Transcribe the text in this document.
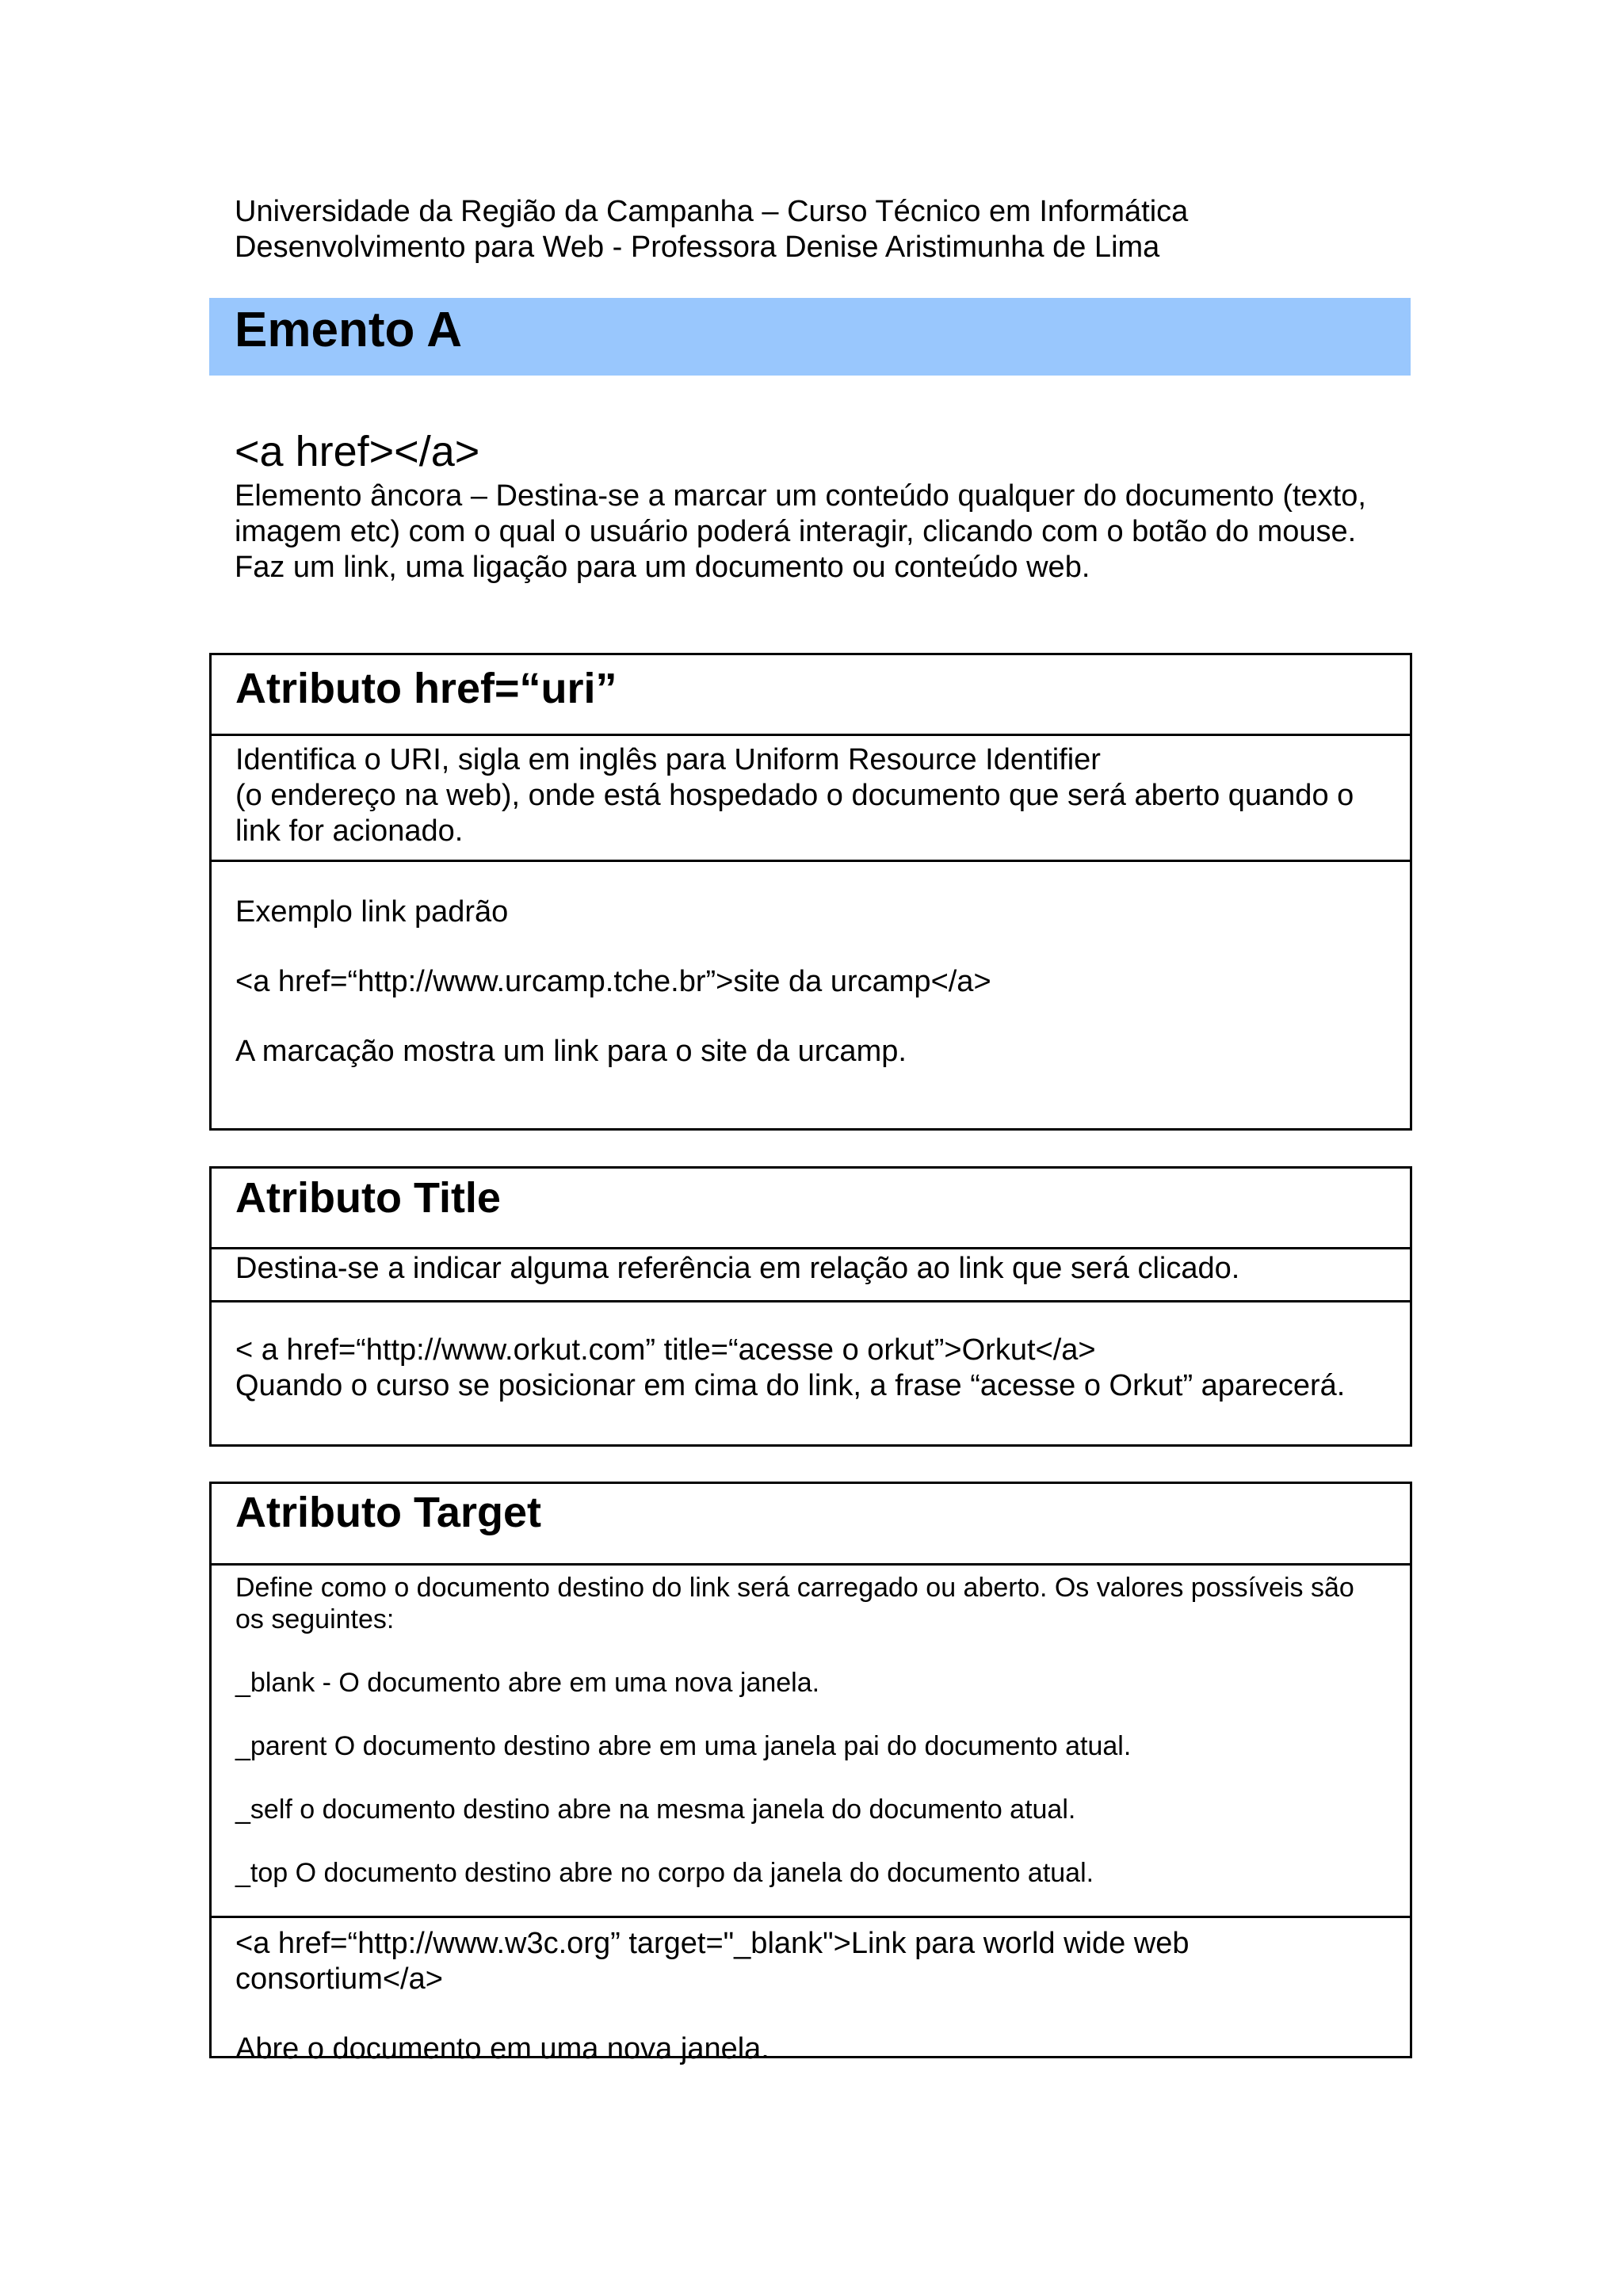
Universidade da Região da Campanha – Curso Técnico em Informática
Desenvolvimento para Web - Professora Denise Aristimunha de Lima
Emento A
<a href></a>
Elemento âncora – Destina-se a marcar um conteúdo qualquer do documento (texto,
imagem etc) com o qual o usuário poderá interagir, clicando com o botão do mouse.
Faz um link, uma ligação para um documento ou conteúdo web.
Atributo href=“uri”
Identifica o URI, sigla em inglês para Uniform Resource Identifier
(o endereço na web), onde está hospedado o documento que será aberto quando o
link for acionado.
Exemplo link padrão
<a href=“http://www.urcamp.tche.br”>site da urcamp</a>
A marcação mostra um link para o site da urcamp.
Atributo Title
Destina-se a indicar alguma referência em relação ao link que será clicado.
< a href=“http://www.orkut.com” title=“acesse o orkut”>Orkut</a>
Quando o curso se posicionar em cima do link, a frase “acesse o Orkut” aparecerá.
Atributo Target
Define como o documento destino do link será carregado ou aberto. Os valores possíveis são
os seguintes:
_blank - O documento abre em uma nova janela.
_parent O documento destino abre em uma janela pai do documento atual.
_self o documento destino abre na mesma janela do documento atual.
_top O documento destino abre no corpo da janela do documento atual.
<a href=“http://www.w3c.org” target="_blank">Link para world wide web
consortium</a>
Abre o documento em uma nova janela.
